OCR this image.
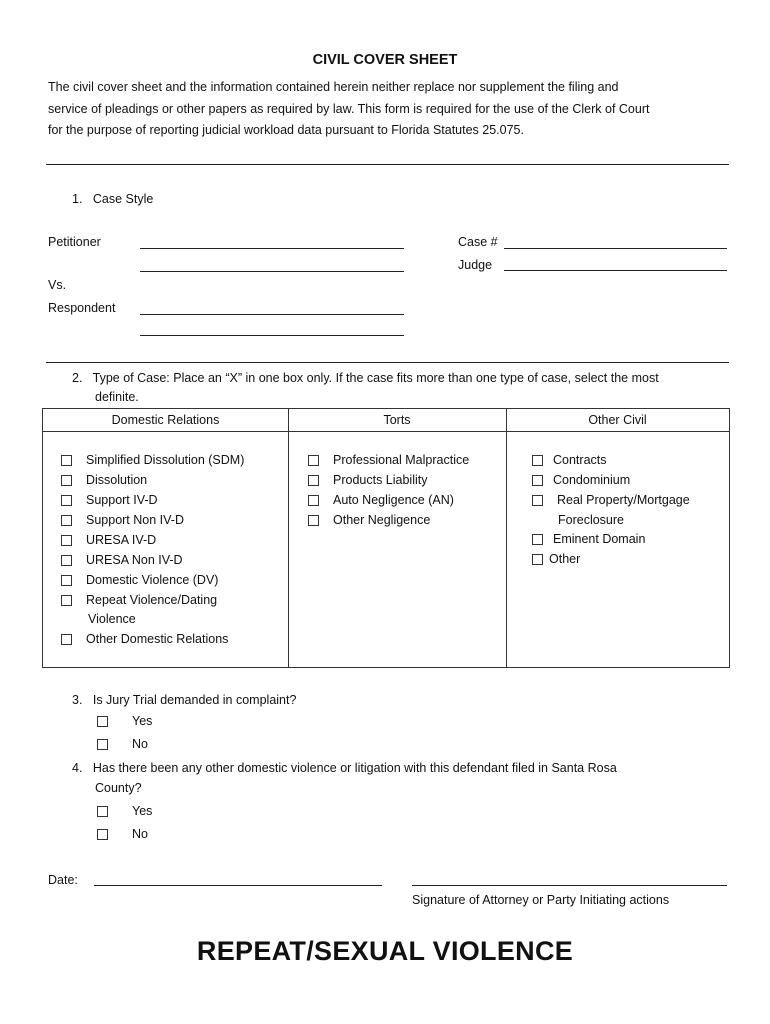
CIVIL COVER SHEET
The civil cover sheet and the information contained herein neither replace nor supplement the filing and
service of pleadings or other papers as required by law. This form is required for the use of the Clerk of Court
for the purpose of reporting judicial workload data pursuant to Florida Statutes 25.075.
1. Case Style
Petitioner
Vs.
Respondent
Case #
Judge
2. Type of Case: Place an “X” in one box only. If the case fits more than one type of case, select the most
definite.
Domestic Relations	Torts	Other Civil
Simplified Dissolution (SDM)
Dissolution
Support IV-D
Support Non IV-D
URESA IV-D
URESA Non IV-D
Domestic Violence (DV)
Repeat Violence/Dating
Violence
Other Domestic Relations
Professional Malpractice
Products Liability
Auto Negligence (AN)
Other Negligence
Contracts
Condominium
Real Property/Mortgage
Foreclosure
Eminent Domain
Other
3. Is Jury Trial demanded in complaint?
Yes
No
4. Has there been any other domestic violence or litigation with this defendant filed in Santa Rosa
County?
Yes
No
Date:
Signature of Attorney or Party Initiating actions
REPEAT/SEXUAL VIOLENCE
